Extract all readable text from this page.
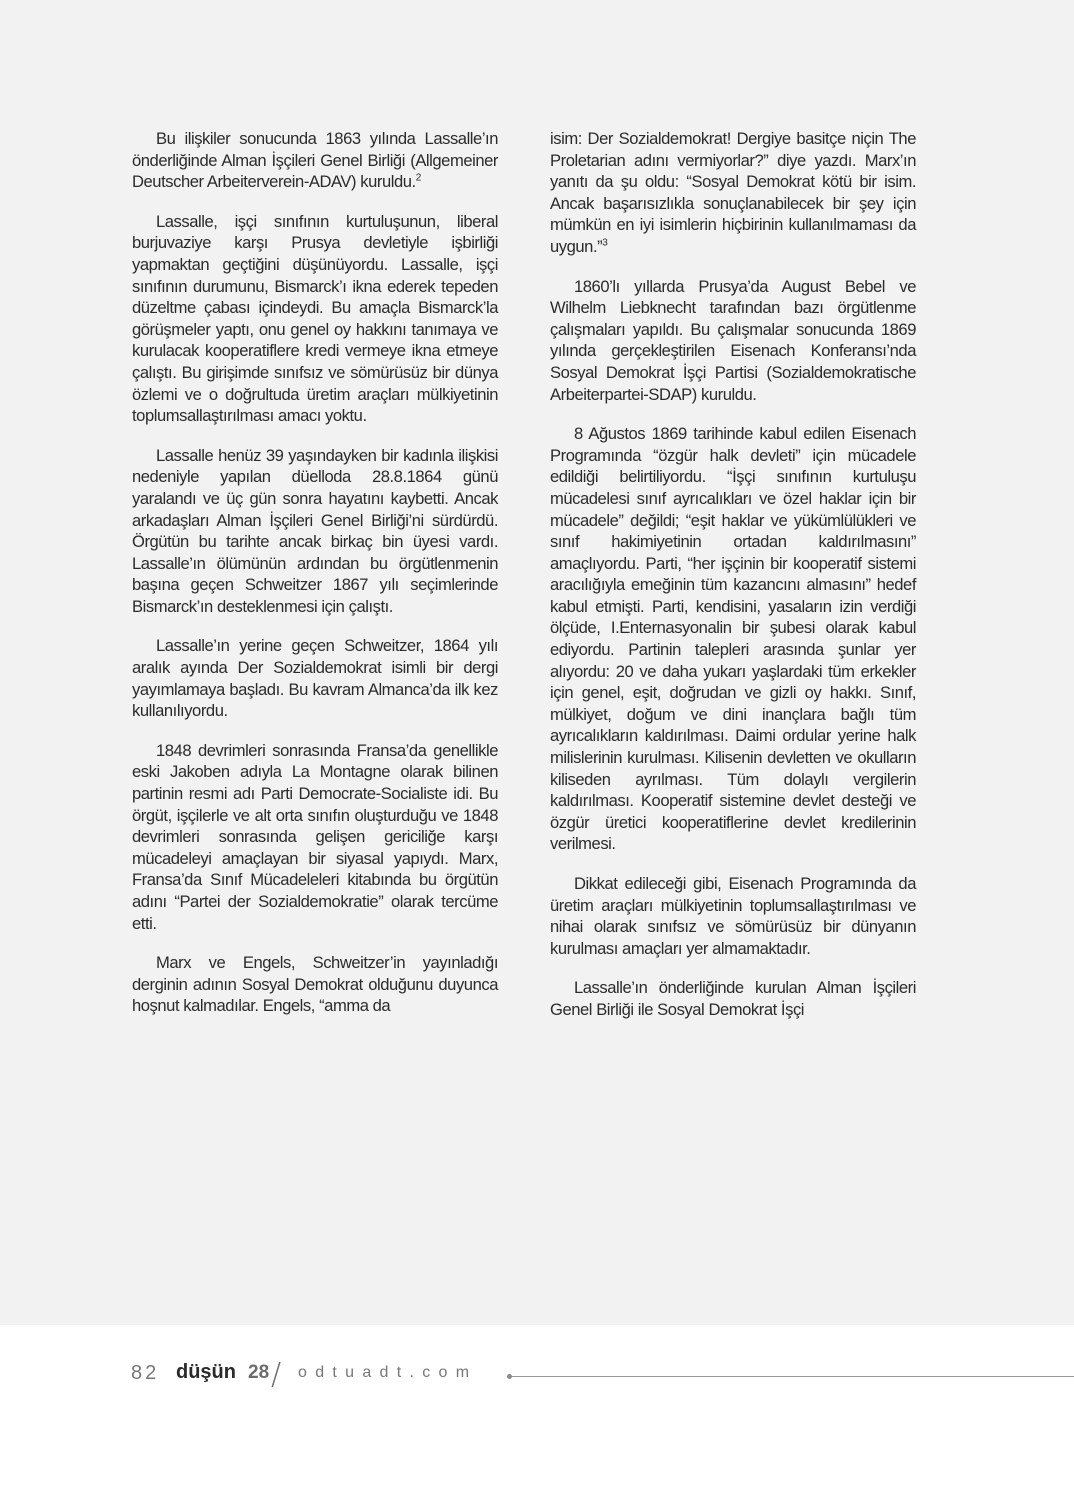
Bu ilişkiler sonucunda 1863 yılında Lassalle’ın önderliğinde Alman İşçileri Genel Birliği (Allgemeiner Deutscher Arbeiterverein-ADAV) kuruldu.$^2$

Lassalle, işçi sınıfının kurtuluşunun, liberal burjuvaziye karşı Prusya devletiyle işbirliği yapmaktan geçtiğini düşünüyordu. Lassalle, işçi sınıfının durumunu, Bismarck’ı ikna ederek tepeden düzeltme çabası içindeydi. Bu amaçla Bismarck’la görüşmeler yaptı, onu genel oy hakkını tanımaya ve kurulacak kooperatiflere kredi vermeye ikna etmeye çalıştı. Bu girişimde sınıfsız ve sömürüsüz bir dünya özlemi ve o doğrultuda üretim araçları mülkiyetinin toplumsallaştırılması amacı yoktu.

Lassalle henüz 39 yaşındayken bir kadınla ilişkisi nedeniyle yapılan düelloda 28.8.1864 günü yaralandı ve üç gün sonra hayatını kaybetti. Ancak arkadaşları Alman İşçileri Genel Birliği’ni sürdürdü. Örgütün bu tarihte ancak birkaç bin üyesi vardı. Lassalle’ın ölümünün ardından bu örgütlenmenin başına geçen Schweitzer 1867 yılı seçimlerinde Bismarck’ın desteklenmesi için çalıştı.

Lassalle’ın yerine geçen Schweitzer, 1864 yılı aralık ayında Der Sozialdemokrat isimli bir dergi yayımlamaya başladı. Bu kavram Almanca’da ilk kez kullanılıyordu.

1848 devrimleri sonrasında Fransa’da genellikle eski Jakoben adıyla La Montagne olarak bilinen partinin resmi adı Parti Democrate-Socialiste idi. Bu örgüt, işçilerle ve alt orta sınıfın oluşturduğu ve 1848 devrimleri sonrasında gelişen gericiliğe karşı mücadeleyi amaçlayan bir siyasal yapıydı. Marx, Fransa’da Sınıf Mücadeleleri kitabında bu örgütün adını “Partei der Sozialdemokratie” olarak tercüme etti.

Marx ve Engels, Schweitzer’in yayınladığı derginin adının Sosyal Demokrat olduğunu duyunca hoşnut kalmadılar. Engels, “amma da

isim: Der Sozialdemokrat! Dergiye basitçe niçin The Proletarian adını vermiyorlar?” diye yazdı. Marx’ın yanıtı da şu oldu: “Sosyal Demokrat kötü bir isim. Ancak başarısızlıkla sonuçlanabilecek bir şey için mümkün en iyi isimlerin hiçbirinin kullanılmaması da uygun.”$^3$

1860’lı yıllarda Prusya’da August Bebel ve Wilhelm Liebknecht tarafından bazı örgütlenme çalışmaları yapıldı. Bu çalışmalar sonucunda 1869 yılında gerçekleştirilen Eisenach Konferansı’nda Sosyal Demokrat İşçi Partisi (Sozialdemokratische Arbeiterpartei-SDAP) kuruldu.

8 Ağustos 1869 tarihinde kabul edilen Eisenach Programında “özgür halk devleti” için mücadele edildiği belirtiliyordu. “İşçi sınıfının kurtuluşu mücadelesi sınıf ayrıcalıkları ve özel haklar için bir mücadele” değildi; “eşit haklar ve yükümlülükleri ve sınıf hakimiyetinin ortadan kaldırılmasını” amaçlıyordu. Parti, “her işçinin bir kooperatif sistemi aracılığıyla emeğinin tüm kazancını almasını” hedef kabul etmişti. Parti, kendisini, yasaların izin verdiği ölçüde, I.Enternasyonalin bir şubesi olarak kabul ediyordu. Partinin talepleri arasında şunlar yer alıyordu: 20 ve daha yukarı yaşlardaki tüm erkekler için genel, eşit, doğrudan ve gizli oy hakkı. Sınıf, mülkiyet, doğum ve dini inançlara bağlı tüm ayrıcalıkların kaldırılması. Daimi ordular yerine halk milislerinin kurulması. Kilisenin devletten ve okulların kiliseden ayrılması. Tüm dolaylı vergilerin kaldırılması. Kooperatif sistemine devlet desteği ve özgür üretici kooperatiflerine devlet kredilerinin verilmesi.

Dikkat edileceği gibi, Eisenach Programında da üretim araçları mülkiyetinin toplumsallaştırılması ve nihai olarak sınıfsız ve sömürüsüz bir dünyanın kurulması amaçları yer almamaktadır.

Lassalle’ın önderliğinde kurulan Alman İşçileri Genel Birliği ile Sosyal Demokrat İşçi

82 düşün 28 / odtuadt.com
